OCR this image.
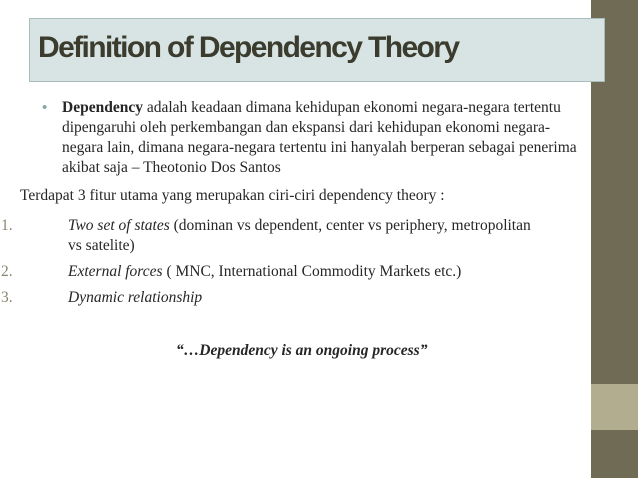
Definition of Dependency Theory
• Dependency adalah keadaan dimana kehidupan ekonomi negara-negara tertentu dipengaruhi oleh perkembangan dan ekspansi dari kehidupan ekonomi negara-negara lain, dimana negara-negara tertentu ini hanyalah berperan sebagai penerima akibat saja – Theotonio Dos Santos

Terdapat 3 fitur utama yang merupakan ciri-ciri dependency theory :

1.	Two set of states (dominan vs dependent, center vs periphery, metropolitan vs satelite)

2.	External forces ( MNC, International Commodity Markets etc.)

3.	Dynamic relationship

“…Dependency is an ongoing process”
